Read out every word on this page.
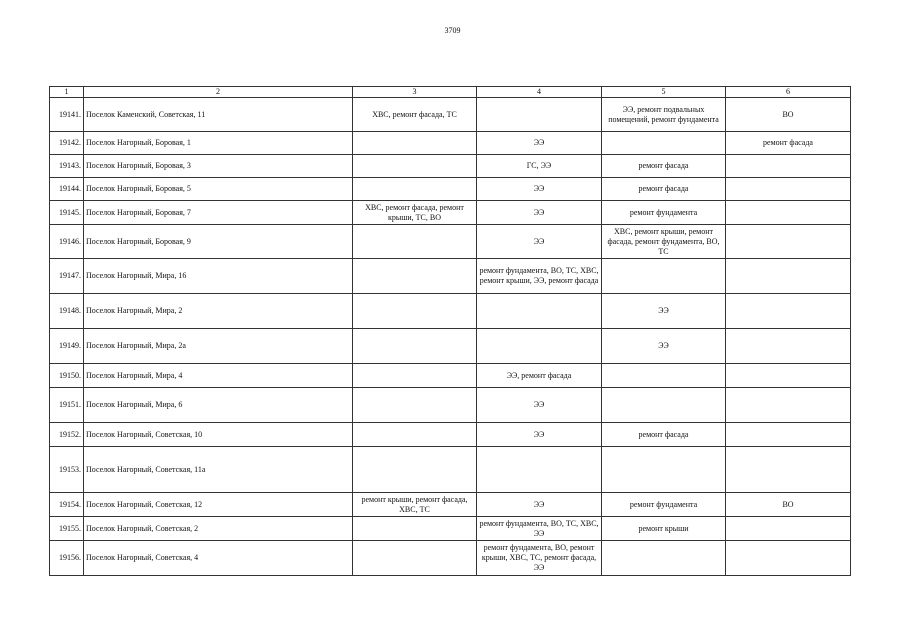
3709
1	2	3	4	5	6
19141.	Поселок Каменский, Советская, 11	ХВС, ремонт фасада, ТС		ЭЭ, ремонт подвальных помещений, ремонт фундамента	ВО
19142.	Поселок Нагорный, Боровая, 1		ЭЭ		ремонт фасада
19143.	Поселок Нагорный, Боровая, 3		ГС, ЭЭ	ремонт фасада	
19144.	Поселок Нагорный, Боровая, 5		ЭЭ	ремонт фасада	
19145.	Поселок Нагорный, Боровая, 7	ХВС, ремонт фасада, ремонт крыши, ТС, ВО	ЭЭ	ремонт фундамента	
19146.	Поселок Нагорный, Боровая, 9		ЭЭ	ХВС, ремонт крыши, ремонт фасада, ремонт фундамента, ВО, ТС	
19147.	Поселок Нагорный, Мира, 16		ремонт фундамента, ВО, ТС, ХВС, ремонт крыши, ЭЭ, ремонт фасада		
19148.	Поселок Нагорный, Мира, 2			ЭЭ	
19149.	Поселок Нагорный, Мира, 2а			ЭЭ	
19150.	Поселок Нагорный, Мира, 4		ЭЭ, ремонт фасада		
19151.	Поселок Нагорный, Мира, 6		ЭЭ		
19152.	Поселок Нагорный, Советская, 10		ЭЭ	ремонт фасада	
19153.	Поселок Нагорный, Советская, 11а				
19154.	Поселок Нагорный, Советская, 12	ремонт крыши, ремонт фасада, ХВС, ТС	ЭЭ	ремонт фундамента	ВО
19155.	Поселок Нагорный, Советская, 2		ремонт фундамента, ВО, ТС, ХВС, ЭЭ	ремонт крыши	
19156.	Поселок Нагорный, Советская, 4		ремонт фундамента, ВО, ремонт крыши, ХВС, ТС, ремонт фасада, ЭЭ		
